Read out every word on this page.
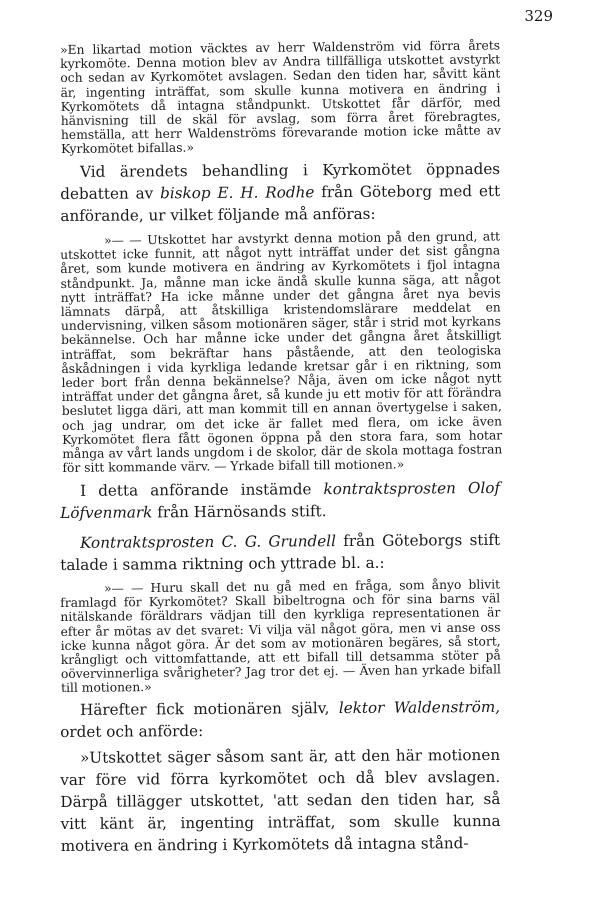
329

»En likartad motion väcktes av herr Waldenström vid förra årets kyrkomöte. Denna motion blev av Andra tillfälliga utskottet avstyrkt och sedan av Kyrkomötet avslagen. Sedan den tiden har, såvitt känt är, ingenting inträffat, som skulle kunna motivera en ändring i Kyrkomötets då intagna ståndpunkt. Utskottet får därför, med hänvisning till de skäl för avslag, som förra året förebragtes, hemställa, att herr Waldenströms förevarande motion icke måtte av Kyrkomötet bifallas.»

Vid ärendets behandling i Kyrkomötet öppnades debatten av biskop E. H. Rodhe från Göteborg med ett anförande, ur vilket följande må anföras:

»— — Utskottet har avstyrkt denna motion på den grund, att utskottet icke funnit, att något nytt inträffat under det sist gångna året, som kunde motivera en ändring av Kyrkomötets i fjol intagna ståndpunkt. Ja, månne man icke ändå skulle kunna säga, att något nytt inträffat? Ha icke månne under det gångna året nya bevis lämnats därpå, att åtskilliga kristendomslärare meddelat en undervisning, vilken såsom motionären säger, står i strid mot kyrkans bekännelse. Och har månne icke under det gångna året åtskilligt inträffat, som bekräftar hans påstående, att den teologiska åskådningen i vida kyrkliga ledande kretsar går i en riktning, som leder bort från denna bekännelse? Nåja, även om icke något nytt inträffat under det gångna året, så kunde ju ett motiv för att förändra beslutet ligga däri, att man kommit till en annan övertygelse i saken, och jag undrar, om det icke är fallet med flera, om icke även Kyrkomötet flera fått ögonen öppna på den stora fara, som hotar många av vårt lands ungdom i de skolor, där de skola mottaga fostran för sitt kommande värv. — Yrkade bifall till motionen.»

I detta anförande instämde kontraktsprosten Olof Löfvenmark från Härnösands stift.

Kontraktsprosten C. G. Grundell från Göteborgs stift talade i samma riktning och yttrade bl. a.:

»— — Huru skall det nu gå med en fråga, som ånyo blivit framlagd för Kyrkomötet? Skall bibeltrogna och för sina barns väl nitälskande föräldrars vädjan till den kyrkliga representationen är efter år mötas av det svaret: Vi vilja väl något göra, men vi anse oss icke kunna något göra. Är det som av motionären begäres, så stort, krångligt och vittomfattande, att ett bifall till detsamma stöter på oövervinnerliga svårigheter? Jag tror det ej. — Även han yrkade bifall till motionen.»

Härefter fick motionären själv, lektor Waldenström, ordet och anförde:

»Utskottet säger såsom sant är, att den här motionen var före vid förra kyrkomötet och då blev avslagen. Därpå tillägger utskottet, 'att sedan den tiden har, så vitt känt är, ingenting inträffat, som skulle kunna motivera en ändring i Kyrkomötets då intagna stånd-
